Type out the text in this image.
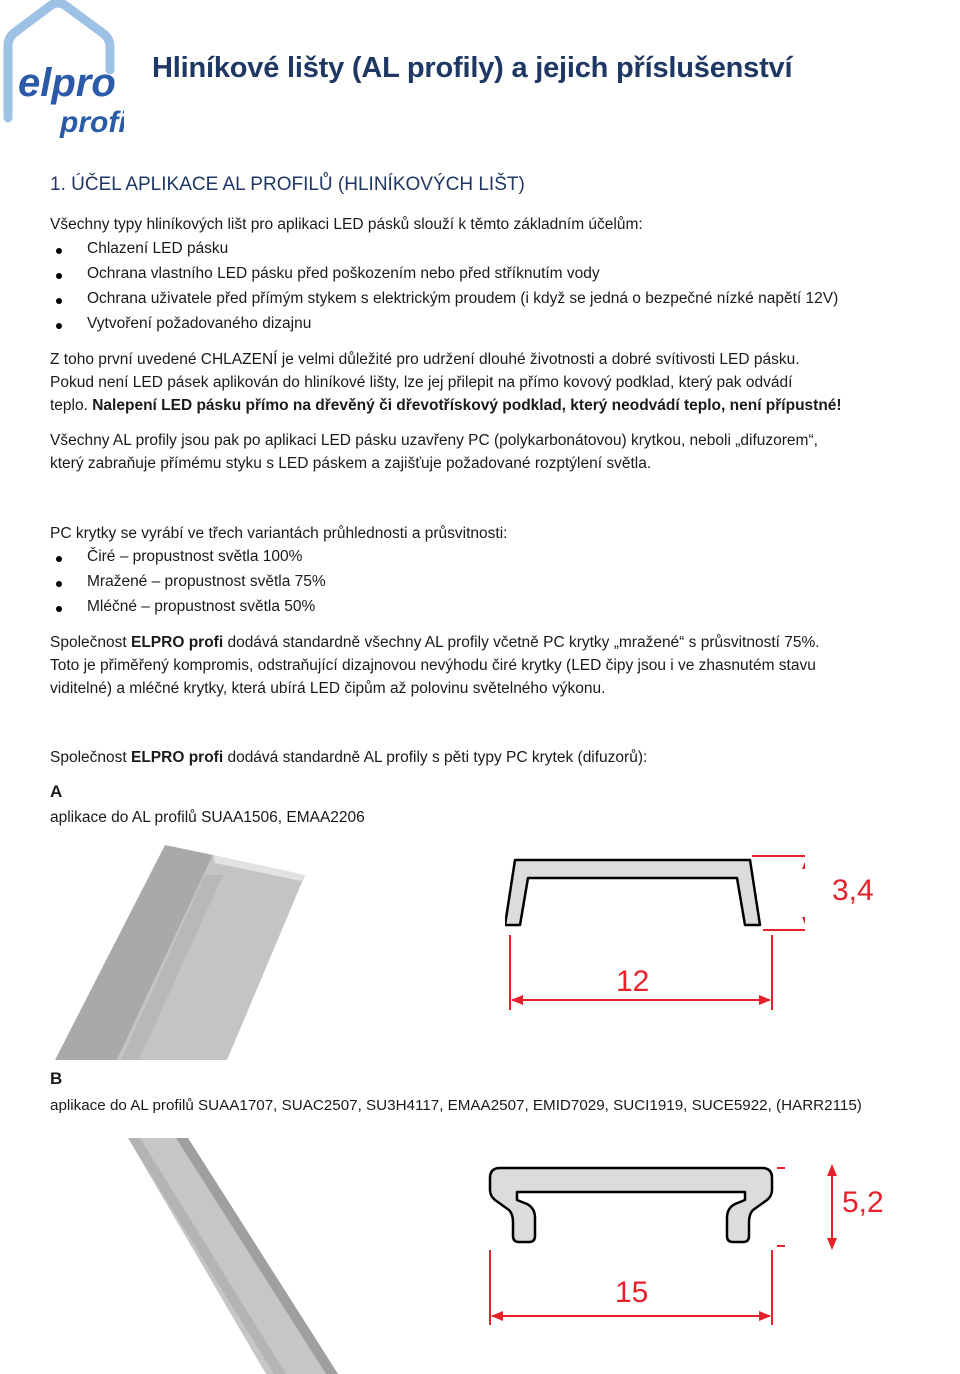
elpro
profi
Hliníkové lišty (AL profily) a jejich příslušenství
1. ÚČEL APLIKACE AL PROFILŮ (HLINÍKOVÝCH LIŠT)
Všechny typy hliníkových lišt pro aplikaci LED pásků slouží k těmto základním účelům:
Chlazení LED pásku
Ochrana vlastního LED pásku před poškozením nebo před stříknutím vody
Ochrana uživatele před přímým stykem s elektrickým proudem (i když se jedná o bezpečné nízké napětí 12V)
Vytvoření požadovaného dizajnu
Z toho první uvedené CHLAZENÍ je velmi důležité pro udržení dlouhé životnosti a dobré svítivosti LED pásku.
Pokud není LED pásek aplikován do hliníkové lišty, lze jej přilepit na přímo kovový podklad, který pak odvádí
teplo. Nalepení LED pásku přímo na dřevěný či dřevotřískový podklad, který neodvádí teplo, není přípustné!
Všechny AL profily jsou pak po aplikaci LED pásku uzavřeny PC (polykarbonátovou) krytkou, neboli „difuzorem“,
který zabraňuje přímému styku s LED páskem a zajišťuje požadované rozptýlení světla.
PC krytky se vyrábí ve třech variantách průhlednosti a průsvitnosti:
Čiré – propustnost světla 100%
Mražené – propustnost světla 75%
Mléčné – propustnost světla 50%
Společnost ELPRO profi dodává standardně všechny AL profily včetně PC krytky „mražené“ s průsvitností 75%.
Toto je přiměřený kompromis, odstraňující dizajnovou nevýhodu čiré krytky (LED čipy jsou i ve zhasnutém stavu
viditelné) a mléčné krytky, která ubírá LED čipům až polovinu světelného výkonu.
Společnost ELPRO profi dodává standardně AL profily s pěti typy PC krytek (difuzorů):
A
aplikace do AL profilů SUAA1506, EMAA2206
B
aplikace do AL profilů SUAA1707, SUAC2507, SU3H4117, EMAA2507, EMID7029, SUCI1919, SUCE5922, (HARR2115)
3,4
12
5,2
15
